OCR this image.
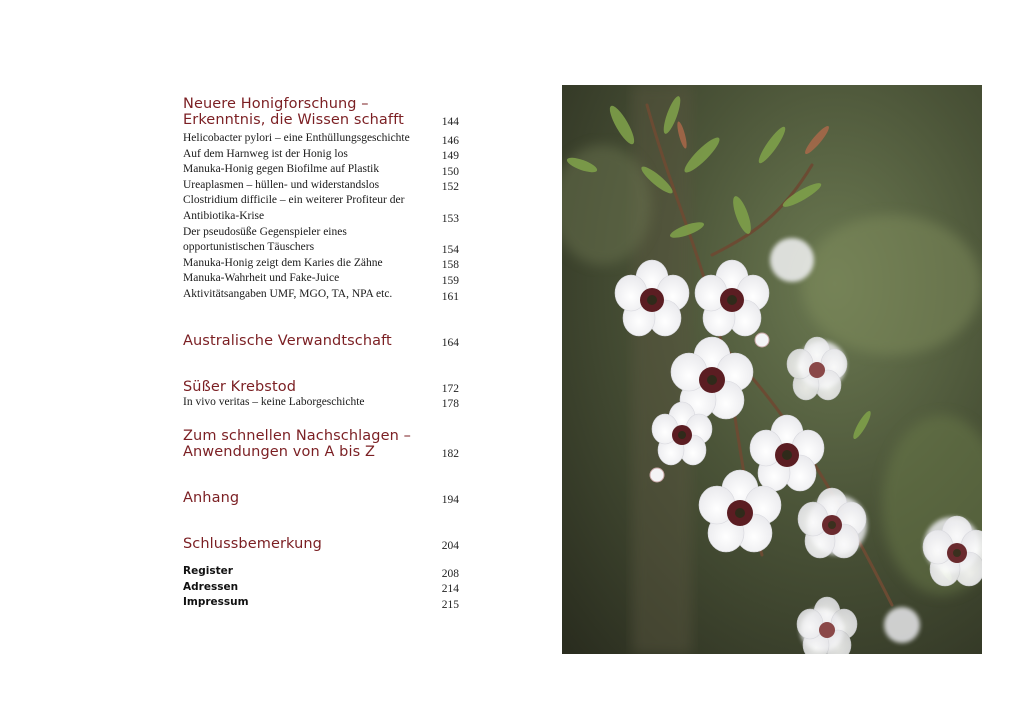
Neuere Honigforschung –
Erkenntnis, die Wissen schafft	144
Helicobacter pylori – eine Enthüllungsgeschichte	146
Auf dem Harnweg ist der Honig los	149
Manuka-Honig gegen Biofilme auf Plastik	150
Ureaplasmen – hüllen- und widerstandslos	152
Clostridium difficile – ein weiterer Profiteur der
Antibiotika-Krise	153
Der pseudosüße Gegenspieler eines
opportunistischen Täuschers	154
Manuka-Honig zeigt dem Karies die Zähne	158
Manuka-Wahrheit und Fake-Juice	159
Aktivitätsangaben UMF, MGO, TA, NPA etc.	161
Australische Verwandtschaft	164
Süßer Krebstod	172
In vivo veritas – keine Laborgeschichte	178
Zum schnellen Nachschlagen –
Anwendungen von A bis Z	182
Anhang	194
Schlussbemerkung	204
Register	208
Adressen	214
Impressum	215
